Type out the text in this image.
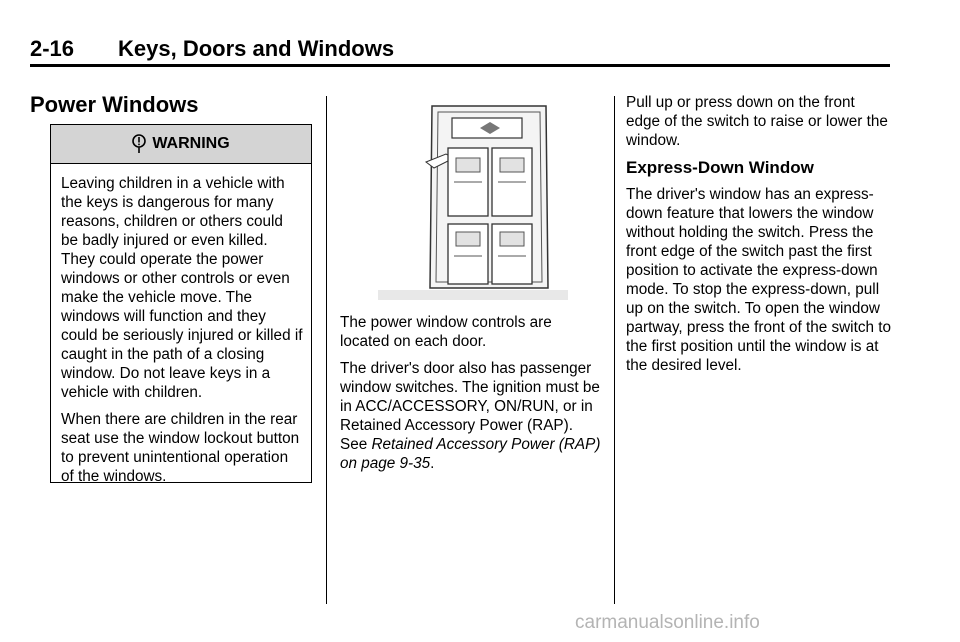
2-16 Keys, Doors and Windows
Power Windows
WARNING

Leaving children in a vehicle with the keys is dangerous for many reasons, children or others could be badly injured or even killed. They could operate the power windows or other controls or even make the vehicle move. The windows will function and they could be seriously injured or killed if caught in the path of a closing window. Do not leave keys in a vehicle with children.

When there are children in the rear seat use the window lockout button to prevent unintentional operation of the windows.

The power window controls are located on each door.

The driver's door also has passenger window switches. The ignition must be in ACC/ACCESSORY, ON/RUN, or in Retained Accessory Power (RAP). See Retained Accessory Power (RAP) on page 9-35.

Pull up or press down on the front edge of the switch to raise or lower the window.

Express-Down Window

The driver's window has an express-down feature that lowers the window without holding the switch. Press the front edge of the switch past the first position to activate the express-down mode. To stop the express-down, pull up on the switch. To open the window partway, press the front of the switch to the first position until the window is at the desired level.

carmanualsonline.info
